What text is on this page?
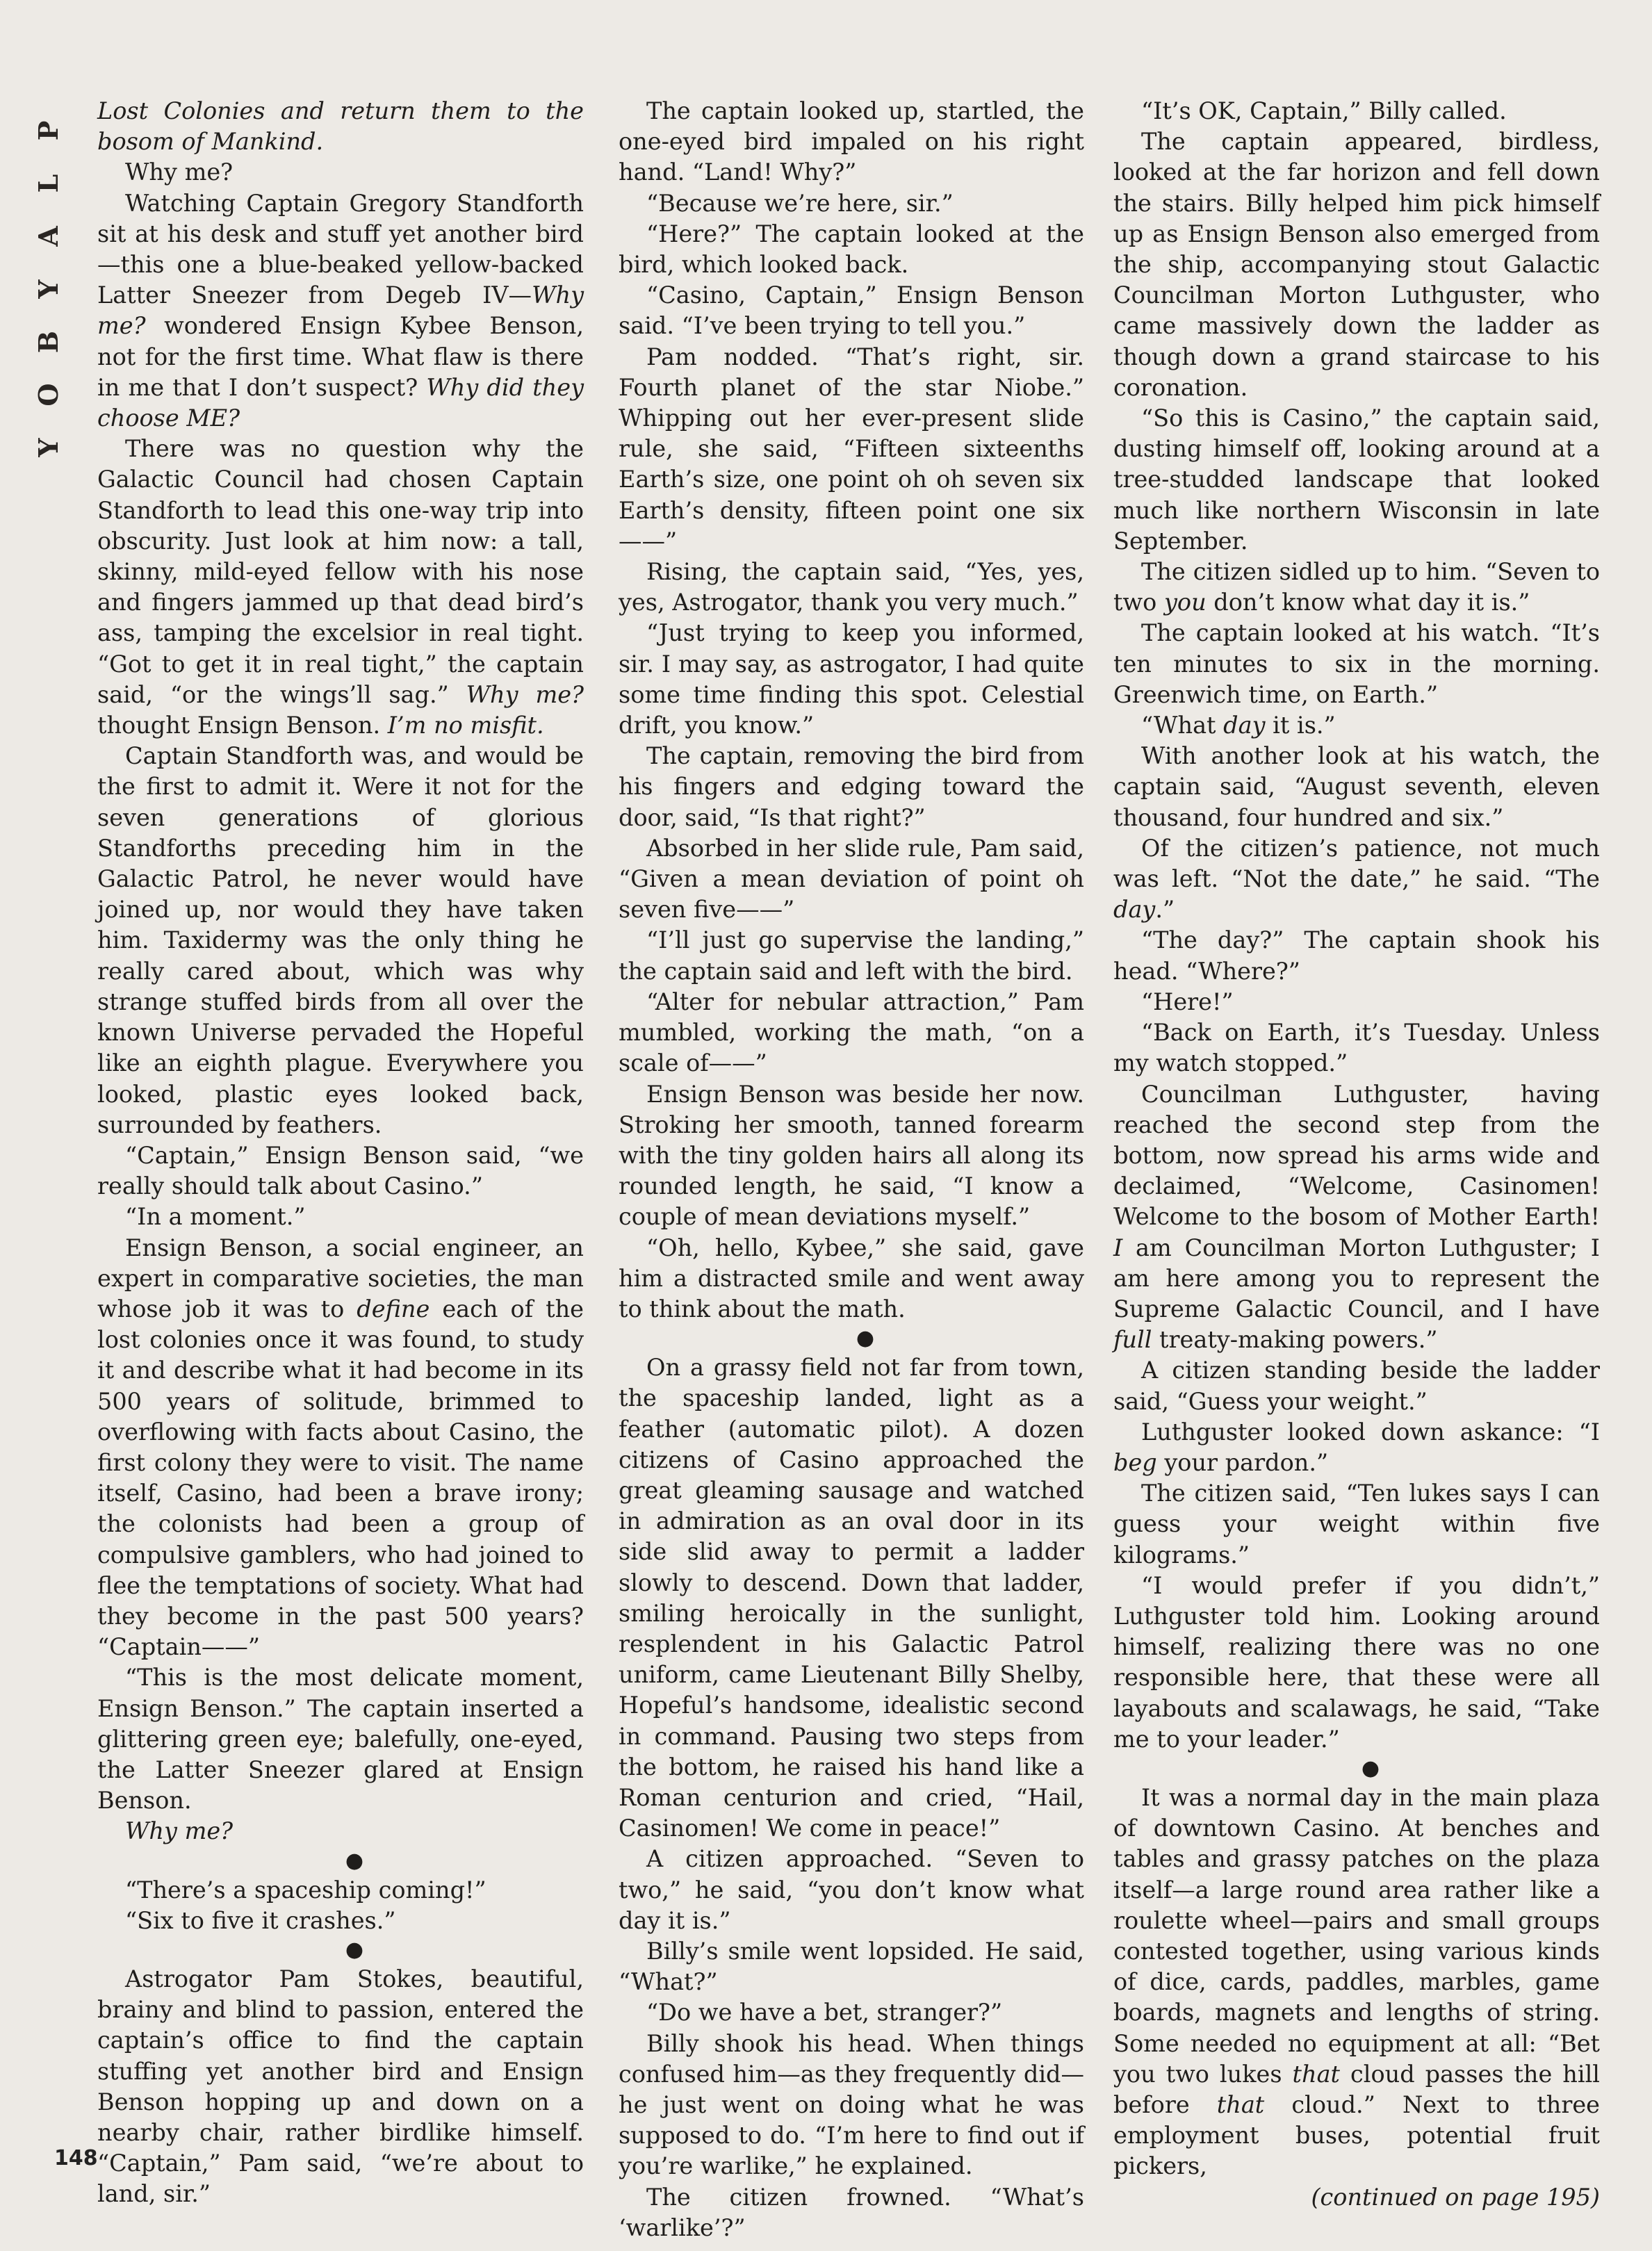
P
L
A
Y
B
O
Y

Lost Colonies and return them to the bosom of Mankind.

Why me?

Watching Captain Gregory Standforth sit at his desk and stuff yet another bird—this one a blue-beaked yellow-backed Latter Sneezer from Degeb IV—Why me? wondered Ensign Kybee Benson, not for the first time. What flaw is there in me that I don’t suspect? Why did they choose ME?

There was no question why the Galactic Council had chosen Captain Standforth to lead this one-way trip into obscurity. Just look at him now: a tall, skinny, mild-eyed fellow with his nose and fingers jammed up that dead bird’s ass, tamping the excelsior in real tight. “Got to get it in real tight,” the captain said, “or the wings’ll sag.” Why me? thought Ensign Benson. I’m no misfit.

Captain Standforth was, and would be the first to admit it. Were it not for the seven generations of glorious Standforths preceding him in the Galactic Patrol, he never would have joined up, nor would they have taken him. Taxidermy was the only thing he really cared about, which was why strange stuffed birds from all over the known Universe pervaded the Hopeful like an eighth plague. Everywhere you looked, plastic eyes looked back, surrounded by feathers.

“Captain,” Ensign Benson said, “we really should talk about Casino.”

“In a moment.”

Ensign Benson, a social engineer, an expert in comparative societies, the man whose job it was to define each of the lost colonies once it was found, to study it and describe what it had become in its 500 years of solitude, brimmed to overflowing with facts about Casino, the first colony they were to visit. The name itself, Casino, had been a brave irony; the colonists had been a group of compulsive gamblers, who had joined to flee the temptations of society. What had they become in the past 500 years? “Captain——”

“This is the most delicate moment, Ensign Benson.” The captain inserted a glittering green eye; balefully, one-eyed, the Latter Sneezer glared at Ensign Benson.

Why me?

●

“There’s a spaceship coming!”

“Six to five it crashes.”

●

Astrogator Pam Stokes, beautiful, brainy and blind to passion, entered the captain’s office to find the captain stuffing yet another bird and Ensign Benson hopping up and down on a nearby chair, rather birdlike himself. “Captain,” Pam said, “we’re about to land, sir.”

The captain looked up, startled, the one-eyed bird impaled on his right hand. “Land! Why?”

“Because we’re here, sir.”

“Here?” The captain looked at the bird, which looked back.

“Casino, Captain,” Ensign Benson said. “I’ve been trying to tell you.”

Pam nodded. “That’s right, sir. Fourth planet of the star Niobe.” Whipping out her ever-present slide rule, she said, “Fifteen sixteenths Earth’s size, one point oh oh seven six Earth’s density, fifteen point one six——”

Rising, the captain said, “Yes, yes, yes, Astrogator, thank you very much.”

“Just trying to keep you informed, sir. I may say, as astrogator, I had quite some time finding this spot. Celestial drift, you know.”

The captain, removing the bird from his fingers and edging toward the door, said, “Is that right?”

Absorbed in her slide rule, Pam said, “Given a mean deviation of point oh seven five——”

“I’ll just go supervise the landing,” the captain said and left with the bird.

“Alter for nebular attraction,” Pam mumbled, working the math, “on a scale of——”

Ensign Benson was beside her now. Stroking her smooth, tanned forearm with the tiny golden hairs all along its rounded length, he said, “I know a couple of mean deviations myself.”

“Oh, hello, Kybee,” she said, gave him a distracted smile and went away to think about the math.

●

On a grassy field not far from town, the spaceship landed, light as a feather (automatic pilot). A dozen citizens of Casino approached the great gleaming sausage and watched in admiration as an oval door in its side slid away to permit a ladder slowly to descend. Down that ladder, smiling heroically in the sunlight, resplendent in his Galactic Patrol uniform, came Lieutenant Billy Shelby, Hopeful’s handsome, idealistic second in command. Pausing two steps from the bottom, he raised his hand like a Roman centurion and cried, “Hail, Casinomen! We come in peace!”

A citizen approached. “Seven to two,” he said, “you don’t know what day it is.”

Billy’s smile went lopsided. He said, “What?”

“Do we have a bet, stranger?”

Billy shook his head. When things confused him—as they frequently did—he just went on doing what he was supposed to do. “I’m here to find out if you’re warlike,” he explained.

The citizen frowned. “What’s ‘warlike’?”

“It’s OK, Captain,” Billy called.

The captain appeared, birdless, looked at the far horizon and fell down the stairs. Billy helped him pick himself up as Ensign Benson also emerged from the ship, accompanying stout Galactic Councilman Morton Luthguster, who came massively down the ladder as though down a grand staircase to his coronation.

“So this is Casino,” the captain said, dusting himself off, looking around at a tree-studded landscape that looked much like northern Wisconsin in late September.

The citizen sidled up to him. “Seven to two you don’t know what day it is.”

The captain looked at his watch. “It’s ten minutes to six in the morning. Greenwich time, on Earth.”

“What day it is.”

With another look at his watch, the captain said, “August seventh, eleven thousand, four hundred and six.”

Of the citizen’s patience, not much was left. “Not the date,” he said. “The day.”

“The day?” The captain shook his head. “Where?”

“Here!”

“Back on Earth, it’s Tuesday. Unless my watch stopped.”

Councilman Luthguster, having reached the second step from the bottom, now spread his arms wide and declaimed, “Welcome, Casinomen! Welcome to the bosom of Mother Earth! I am Councilman Morton Luthguster; I am here among you to represent the Supreme Galactic Council, and I have full treaty-making powers.”

A citizen standing beside the ladder said, “Guess your weight.”

Luthguster looked down askance: “I beg your pardon.”

The citizen said, “Ten lukes says I can guess your weight within five kilograms.”

“I would prefer if you didn’t,” Luthguster told him. Looking around himself, realizing there was no one responsible here, that these were all layabouts and scalawags, he said, “Take me to your leader.”

●

It was a normal day in the main plaza of downtown Casino. At benches and tables and grassy patches on the plaza itself—a large round area rather like a roulette wheel—pairs and small groups contested together, using various kinds of dice, cards, paddles, marbles, game boards, magnets and lengths of string. Some needed no equipment at all: “Bet you two lukes that cloud passes the hill before that cloud.” Next to three employment buses, potential fruit pickers,

(continued on page 195)

148
